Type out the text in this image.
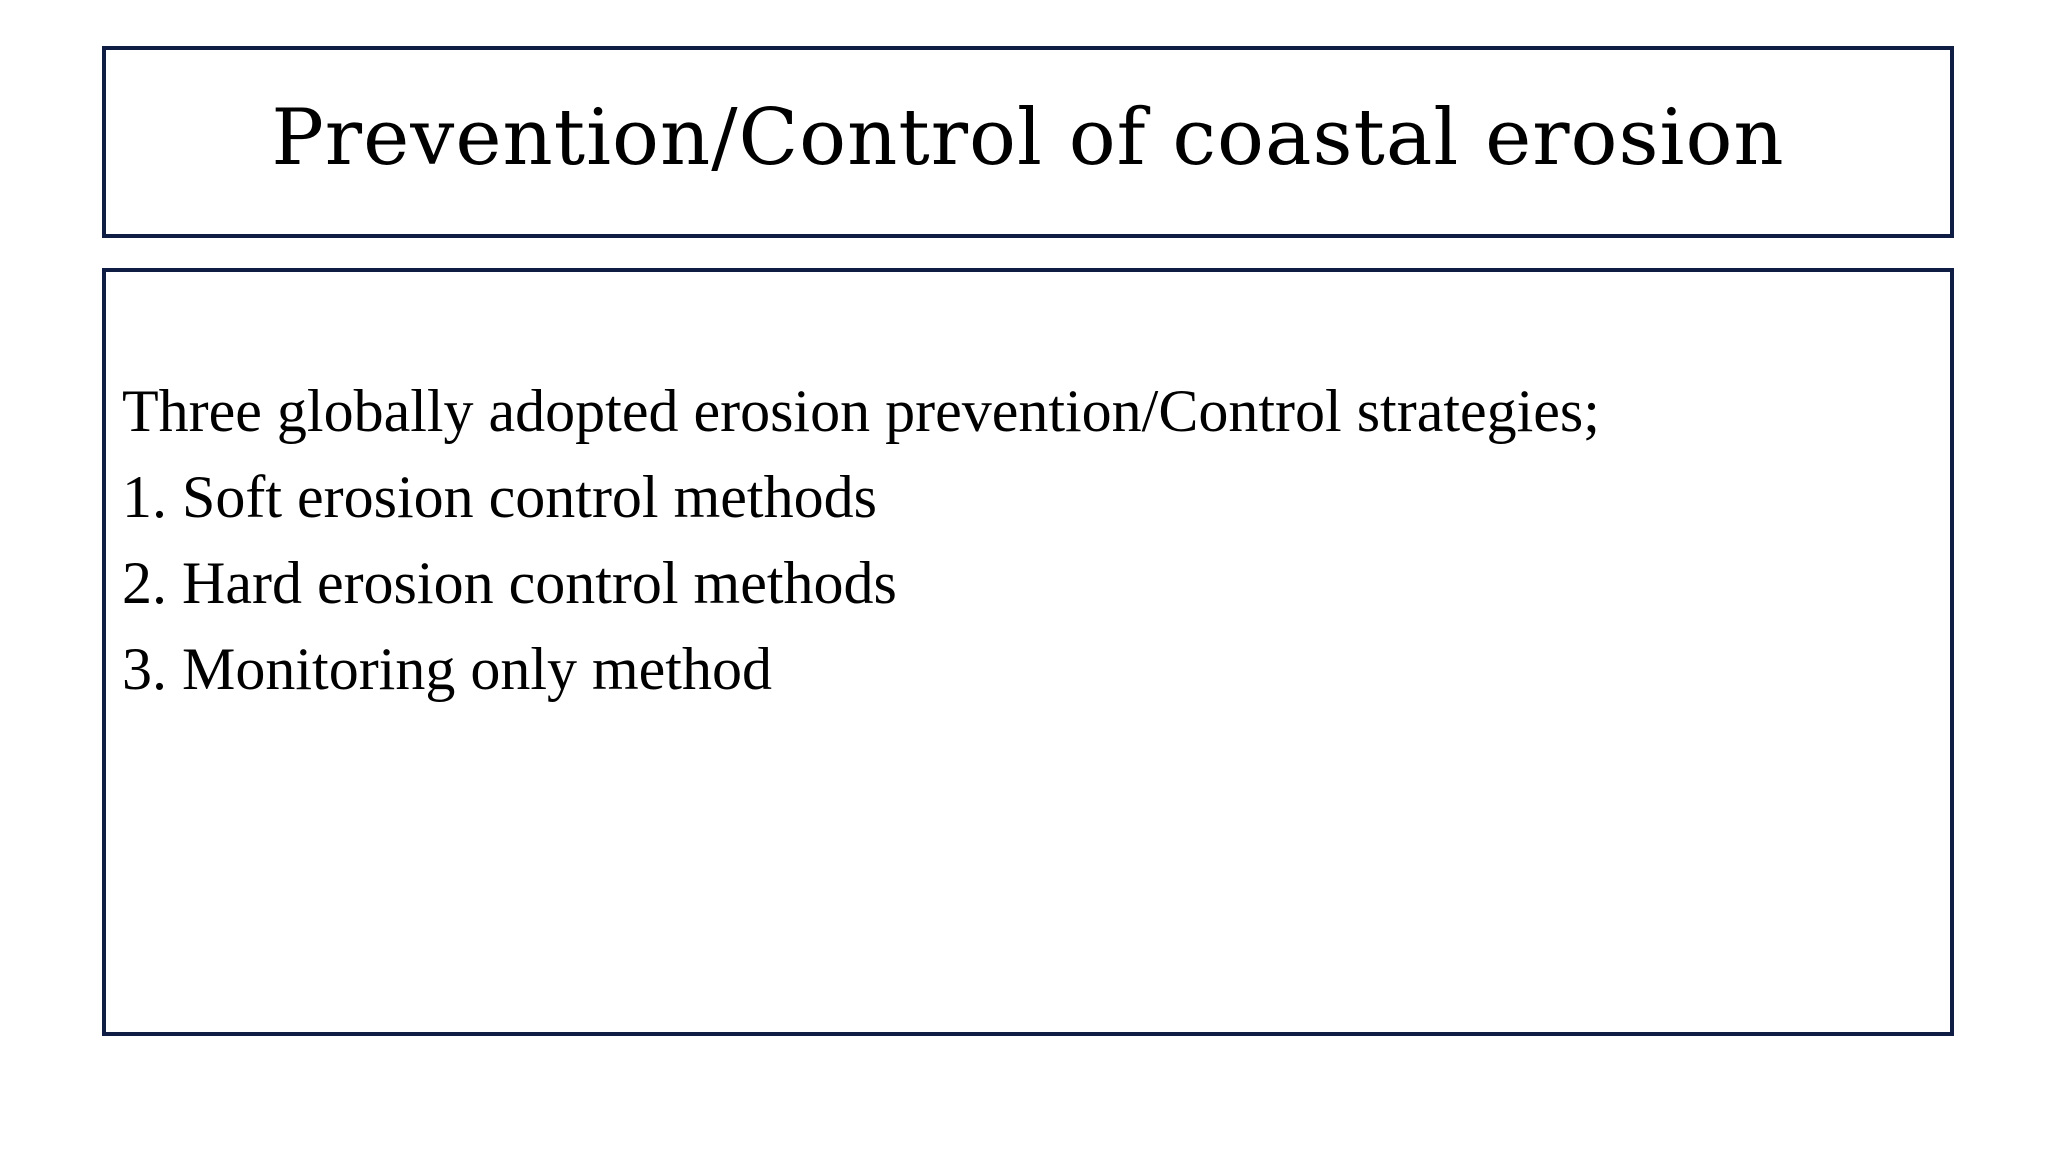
Prevention/Control of coastal erosion
Three globally adopted erosion prevention/Control strategies;
1. Soft erosion control methods
2. Hard erosion control methods
3. Monitoring only method
